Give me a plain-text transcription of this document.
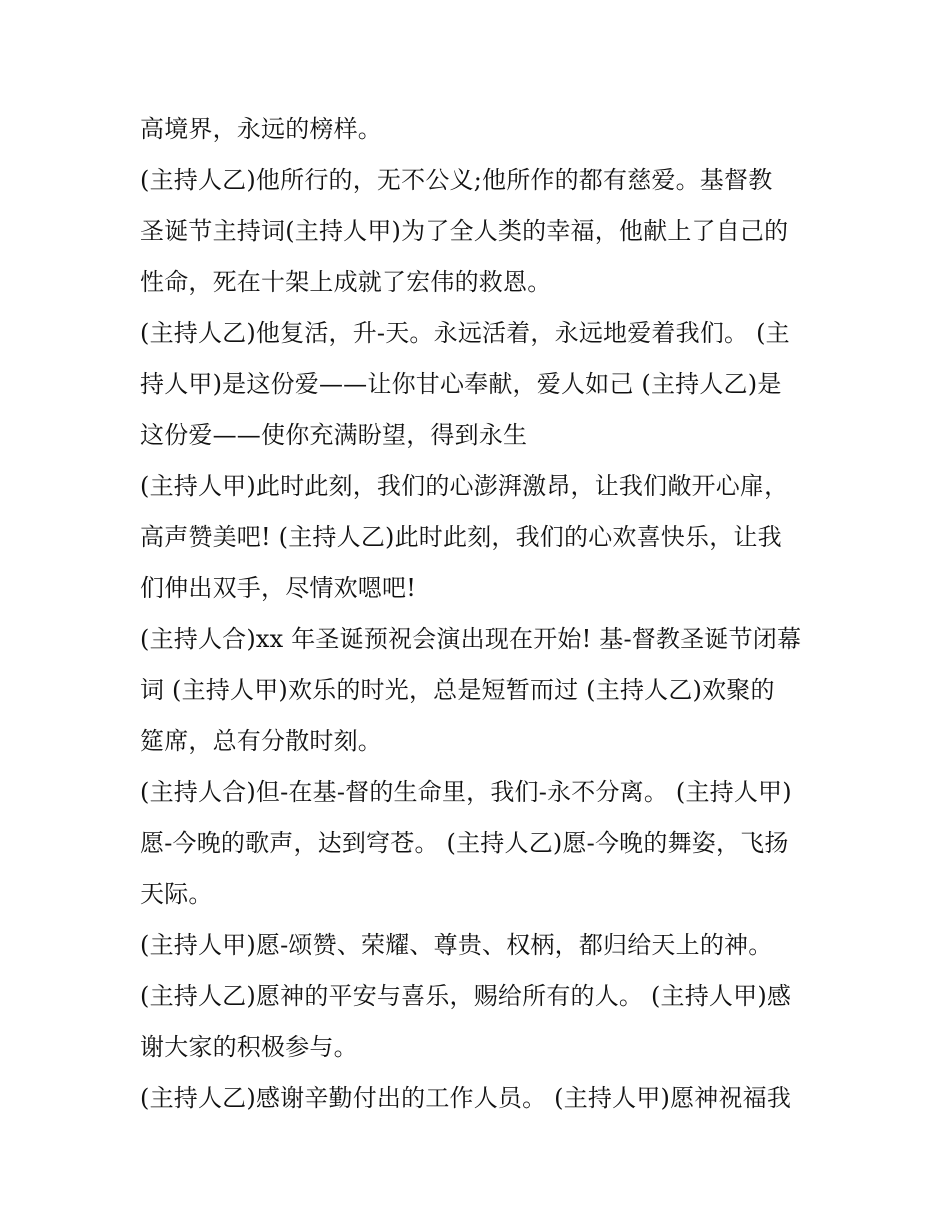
高境界，永远的榜样。
(主持人乙)他所行的，无不公义;他所作的都有慈爱。基督教
圣诞节主持词(主持人甲)为了全人类的幸福，他献上了自己的
性命，死在十架上成就了宏伟的救恩。
(主持人乙)他复活，升-天。永远活着，永远地爱着我们。 (主
持人甲)是这份爱——让你甘心奉献，爱人如己 (主持人乙)是
这份爱——使你充满盼望，得到永生
(主持人甲)此时此刻，我们的心澎湃激昂，让我们敞开心扉，
高声赞美吧! (主持人乙)此时此刻，我们的心欢喜快乐，让我
们伸出双手，尽情欢嗯吧!
(主持人合)xx 年圣诞预祝会演出现在开始! 基-督教圣诞节闭幕
词 (主持人甲)欢乐的时光，总是短暂而过 (主持人乙)欢聚的
筵席，总有分散时刻。
(主持人合)但-在基-督的生命里，我们-永不分离。 (主持人甲)
愿-今晚的歌声，达到穹苍。 (主持人乙)愿-今晚的舞姿，飞扬
天际。
(主持人甲)愿-颂赞、荣耀、尊贵、权柄，都归给天上的神。
(主持人乙)愿神的平安与喜乐，赐给所有的人。 (主持人甲)感
谢大家的积极参与。
(主持人乙)感谢辛勤付出的工作人员。 (主持人甲)愿神祝福我
